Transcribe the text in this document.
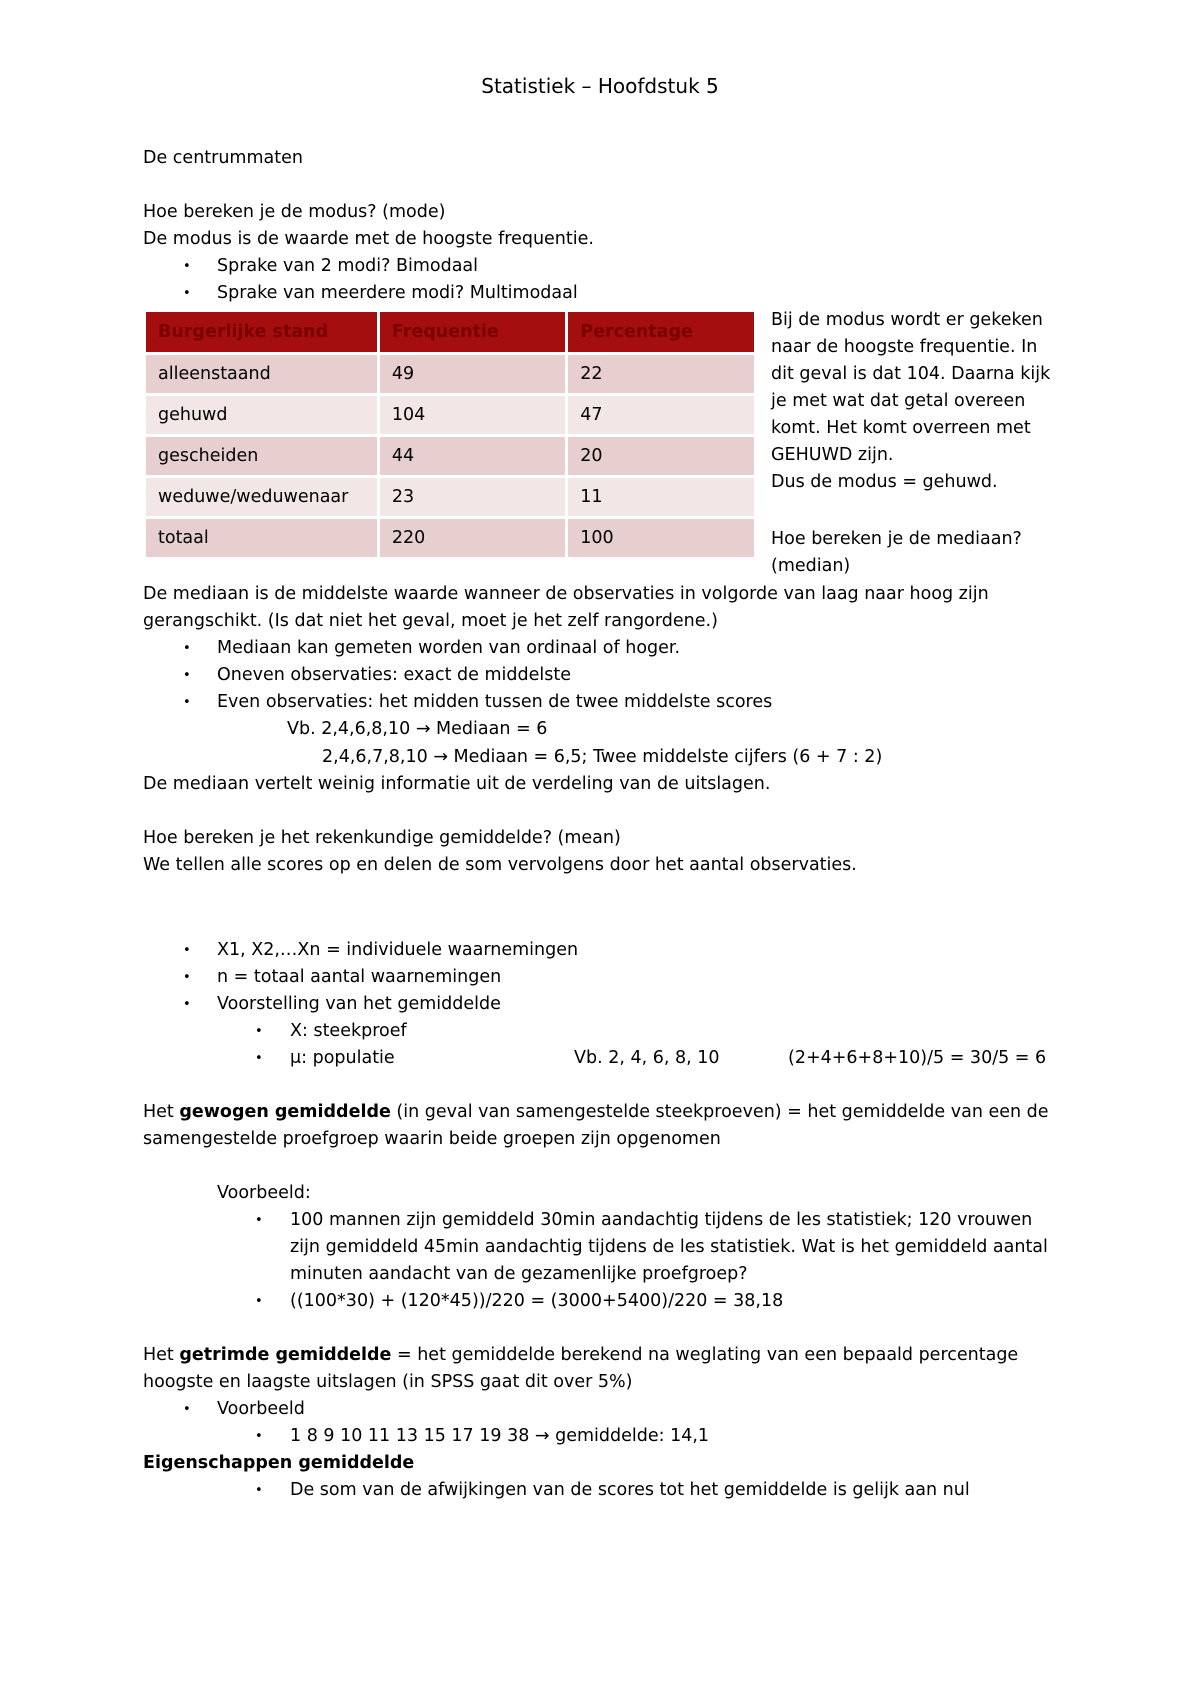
Statistiek – Hoofdstuk 5
De centrummaten
Hoe bereken je de modus? (mode)
De modus is de waarde met de hoogste frequentie.
• Sprake van 2 modi? Bimodaal
• Sprake van meerdere modi? Multimodaal
Burgerlijke stand	Frequentie	Percentage
alleenstaand	49	22
gehuwd	104	47
gescheiden	44	20
weduwe/weduwenaar	23	11
totaal	220	100
Bij de modus wordt er gekeken
naar de hoogste frequentie. In
dit geval is dat 104. Daarna kijk
je met wat dat getal overeen
komt. Het komt overreen met
GEHUWD zijn.
Dus de modus = gehuwd.
Hoe bereken je de mediaan?
(median)
De mediaan is de middelste waarde wanneer de observaties in volgorde van laag naar hoog zijn
gerangschikt. (Is dat niet het geval, moet je het zelf rangordene.)
• Mediaan kan gemeten worden van ordinaal of hoger.
• Oneven observaties: exact de middelste
• Even observaties: het midden tussen de twee middelste scores
Vb. 2,4,6,8,10 → Mediaan = 6
2,4,6,7,8,10 → Mediaan = 6,5; Twee middelste cijfers (6 + 7 : 2)
De mediaan vertelt weinig informatie uit de verdeling van de uitslagen.
Hoe bereken je het rekenkundige gemiddelde? (mean)
We tellen alle scores op en delen de som vervolgens door het aantal observaties.
• X1, X2,…Xn = individuele waarnemingen
• n = totaal aantal waarnemingen
• Voorstelling van het gemiddelde
• X: steekproef
• μ: populatie	Vb. 2, 4, 6, 8, 10	(2+4+6+8+10)/5 = 30/5 = 6
Het gewogen gemiddelde (in geval van samengestelde steekproeven) = het gemiddelde van een de
samengestelde proefgroep waarin beide groepen zijn opgenomen
Voorbeeld:
• 100 mannen zijn gemiddeld 30min aandachtig tijdens de les statistiek; 120 vrouwen
zijn gemiddeld 45min aandachtig tijdens de les statistiek. Wat is het gemiddeld aantal
minuten aandacht van de gezamenlijke proefgroep?
• ((100*30) + (120*45))/220 = (3000+5400)/220 = 38,18
Het getrimde gemiddelde = het gemiddelde berekend na weglating van een bepaald percentage
hoogste en laagste uitslagen (in SPSS gaat dit over 5%)
• Voorbeeld
• 1 8 9 10 11 13 15 17 19 38 → gemiddelde: 14,1
Eigenschappen gemiddelde
• De som van de afwijkingen van de scores tot het gemiddelde is gelijk aan nul
